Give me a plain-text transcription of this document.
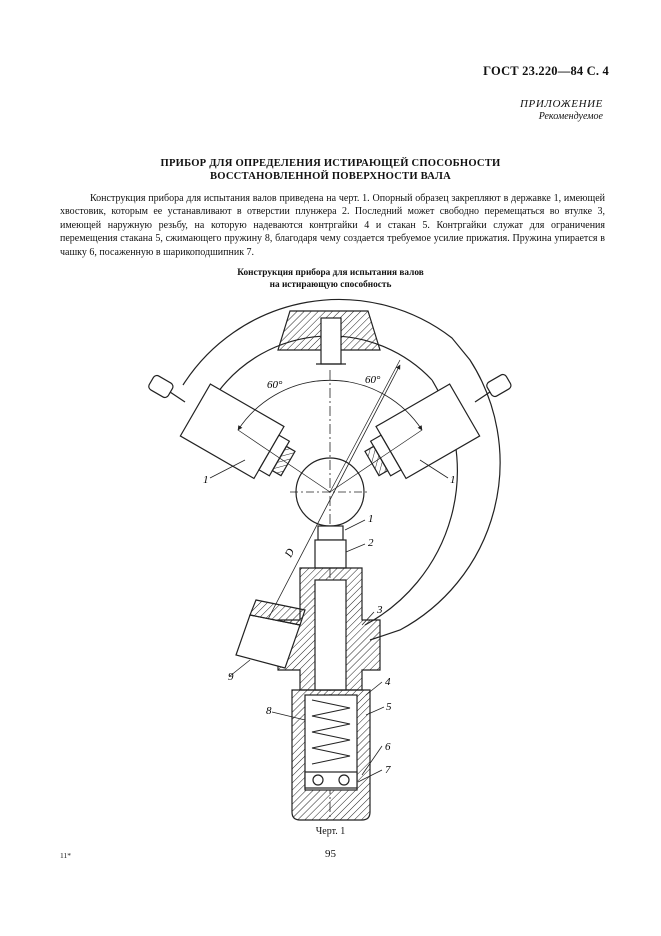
ГОСТ 23.220—84 С. 4
ПРИЛОЖЕНИЕ
Рекомендуемое
ПРИБОР ДЛЯ ОПРЕДЕЛЕНИЯ ИСТИРАЮЩЕЙ СПОСОБНОСТИ
ВОССТАНОВЛЕННОЙ ПОВЕРХНОСТИ ВАЛА

Конструкция прибора для испытания валов приведена на черт. 1. Опорный образец закрепляют в державке 1, имеющей хвостовик, которым ее устанавливают в отверстии плунжера 2. Последний может свободно перемещаться во втулке 3, имеющей наружную резьбу, на которую надеваются контргайки 4 и стакан 5. Контргайки служат для ограничения перемещения стакана 5, сжимающего пружину 8, благодаря чему создается требуемое усилие прижатия. Пружина упирается в чашку 6, посаженную в шарикоподшипник 7.

Конструкция прибора для испытания валов
на истирающую способность
60°	60°
D
1	1
1
2
3
4
5
6
7
8
9
Черт. 1
95
11*
